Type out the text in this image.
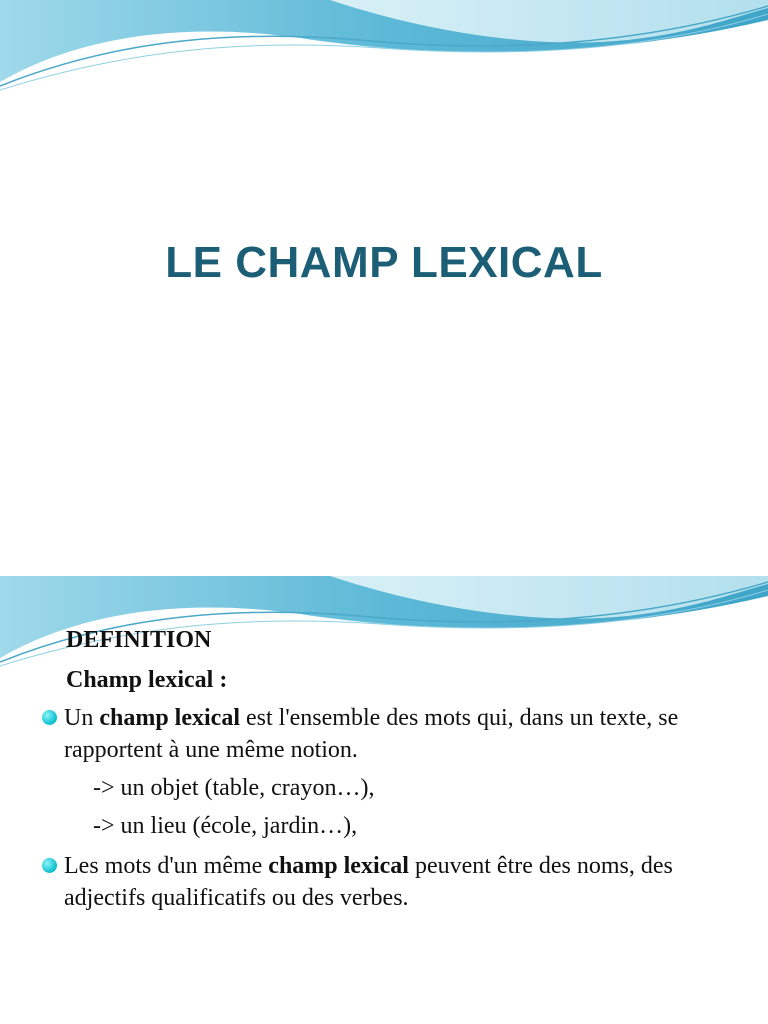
LE CHAMP LEXICAL

DEFINITION

Champ lexical :

Un champ lexical est l'ensemble des mots qui, dans un texte, se rapportent à une même notion.

-> un objet (table, crayon…),

-> un lieu (école, jardin…),

Les mots d'un même champ lexical peuvent être des noms, des adjectifs qualificatifs ou des verbes.
